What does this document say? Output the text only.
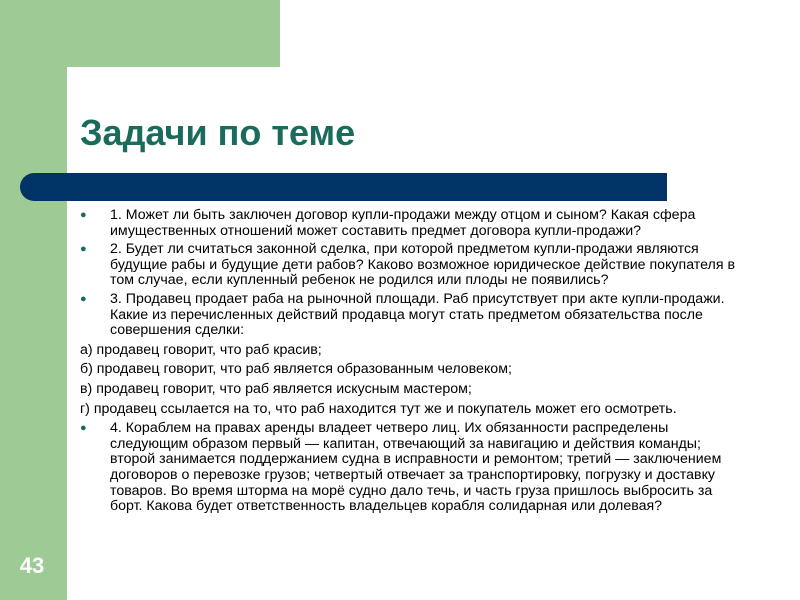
Задачи по теме
●	1. Может ли быть заключен договор купли-продажи между отцом и сыном? Какая сфера имущественных отношений может составить предмет договора купли-продажи?
●	2. Будет ли считаться законной сделка, при которой предметом купли-продажи являются будущие рабы и будущие дети рабов? Каково возможное юридическое действие покупателя в том случае, если купленный ребенок не родился или плоды не появились?
●	3. Продавец продает раба на рыночной площади. Раб присутствует при акте купли-продажи. Какие из перечисленных действий продавца могут стать предметом обязательства после совершения сделки:
а) продавец говорит, что раб красив;
б) продавец говорит, что раб является образованным человеком;
в) продавец говорит, что раб является искусным мастером;
г) продавец ссылается на то, что раб находится тут же и покупатель может его осмотреть.
●	4. Кораблем на правах аренды владеет четверо лиц. Их обязанности распределены следующим образом первый — капитан, отвечающий за навигацию и действия команды; второй занимается поддержанием судна в исправности и ремонтом; третий — заключением договоров о перевозке грузов; четвертый отвечает за транспортировку, погрузку и доставку товаров. Во время шторма на морё судно дало течь, и часть груза пришлось выбросить за борт. Какова будет ответственность владельцев корабля солидарная или долевая?
43
